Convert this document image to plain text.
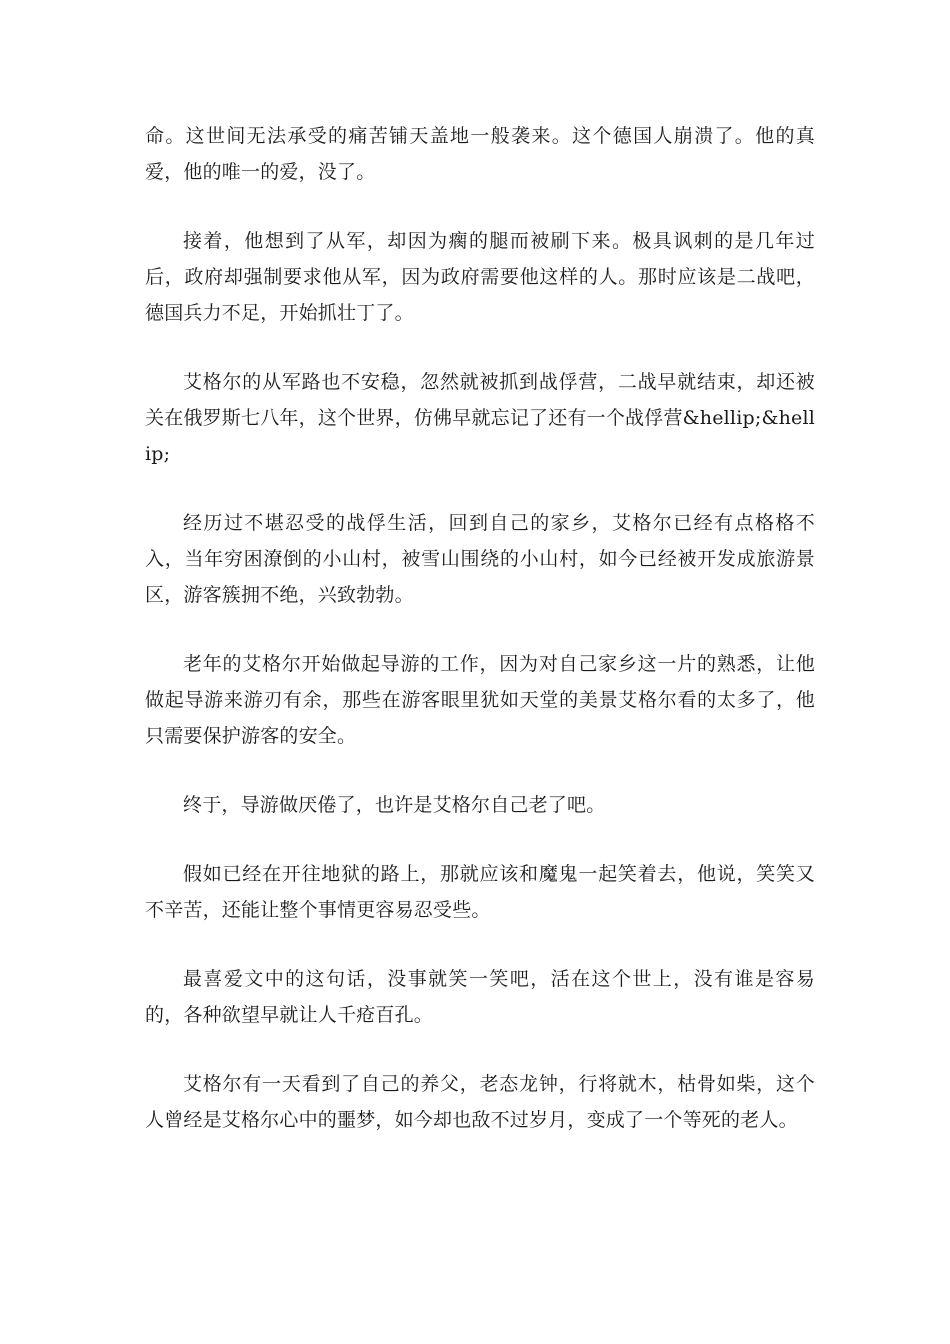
命。这世间无法承受的痛苦铺天盖地一般袭来。这个德国人崩溃了。他的真爱，他的唯一的爱，没了。

接着，他想到了从军，却因为瘸的腿而被刷下来。极具讽刺的是几年过后，政府却强制要求他从军，因为政府需要他这样的人。那时应该是二战吧，德国兵力不足，开始抓壮丁了。

艾格尔的从军路也不安稳，忽然就被抓到战俘营，二战早就结束，却还被关在俄罗斯七八年，这个世界，仿佛早就忘记了还有一个战俘营&hellip;&hellip;

经历过不堪忍受的战俘生活，回到自己的家乡，艾格尔已经有点格格不入，当年穷困潦倒的小山村，被雪山围绕的小山村，如今已经被开发成旅游景区，游客簇拥不绝，兴致勃勃。

老年的艾格尔开始做起导游的工作，因为对自己家乡这一片的熟悉，让他做起导游来游刃有余，那些在游客眼里犹如天堂的美景艾格尔看的太多了，他只需要保护游客的安全。

终于，导游做厌倦了，也许是艾格尔自己老了吧。

假如已经在开往地狱的路上，那就应该和魔鬼一起笑着去，他说，笑笑又不辛苦，还能让整个事情更容易忍受些。

最喜爱文中的这句话，没事就笑一笑吧，活在这个世上，没有谁是容易的，各种欲望早就让人千疮百孔。

艾格尔有一天看到了自己的养父，老态龙钟，行将就木，枯骨如柴，这个人曾经是艾格尔心中的噩梦，如今却也敌不过岁月，变成了一个等死的老人。
